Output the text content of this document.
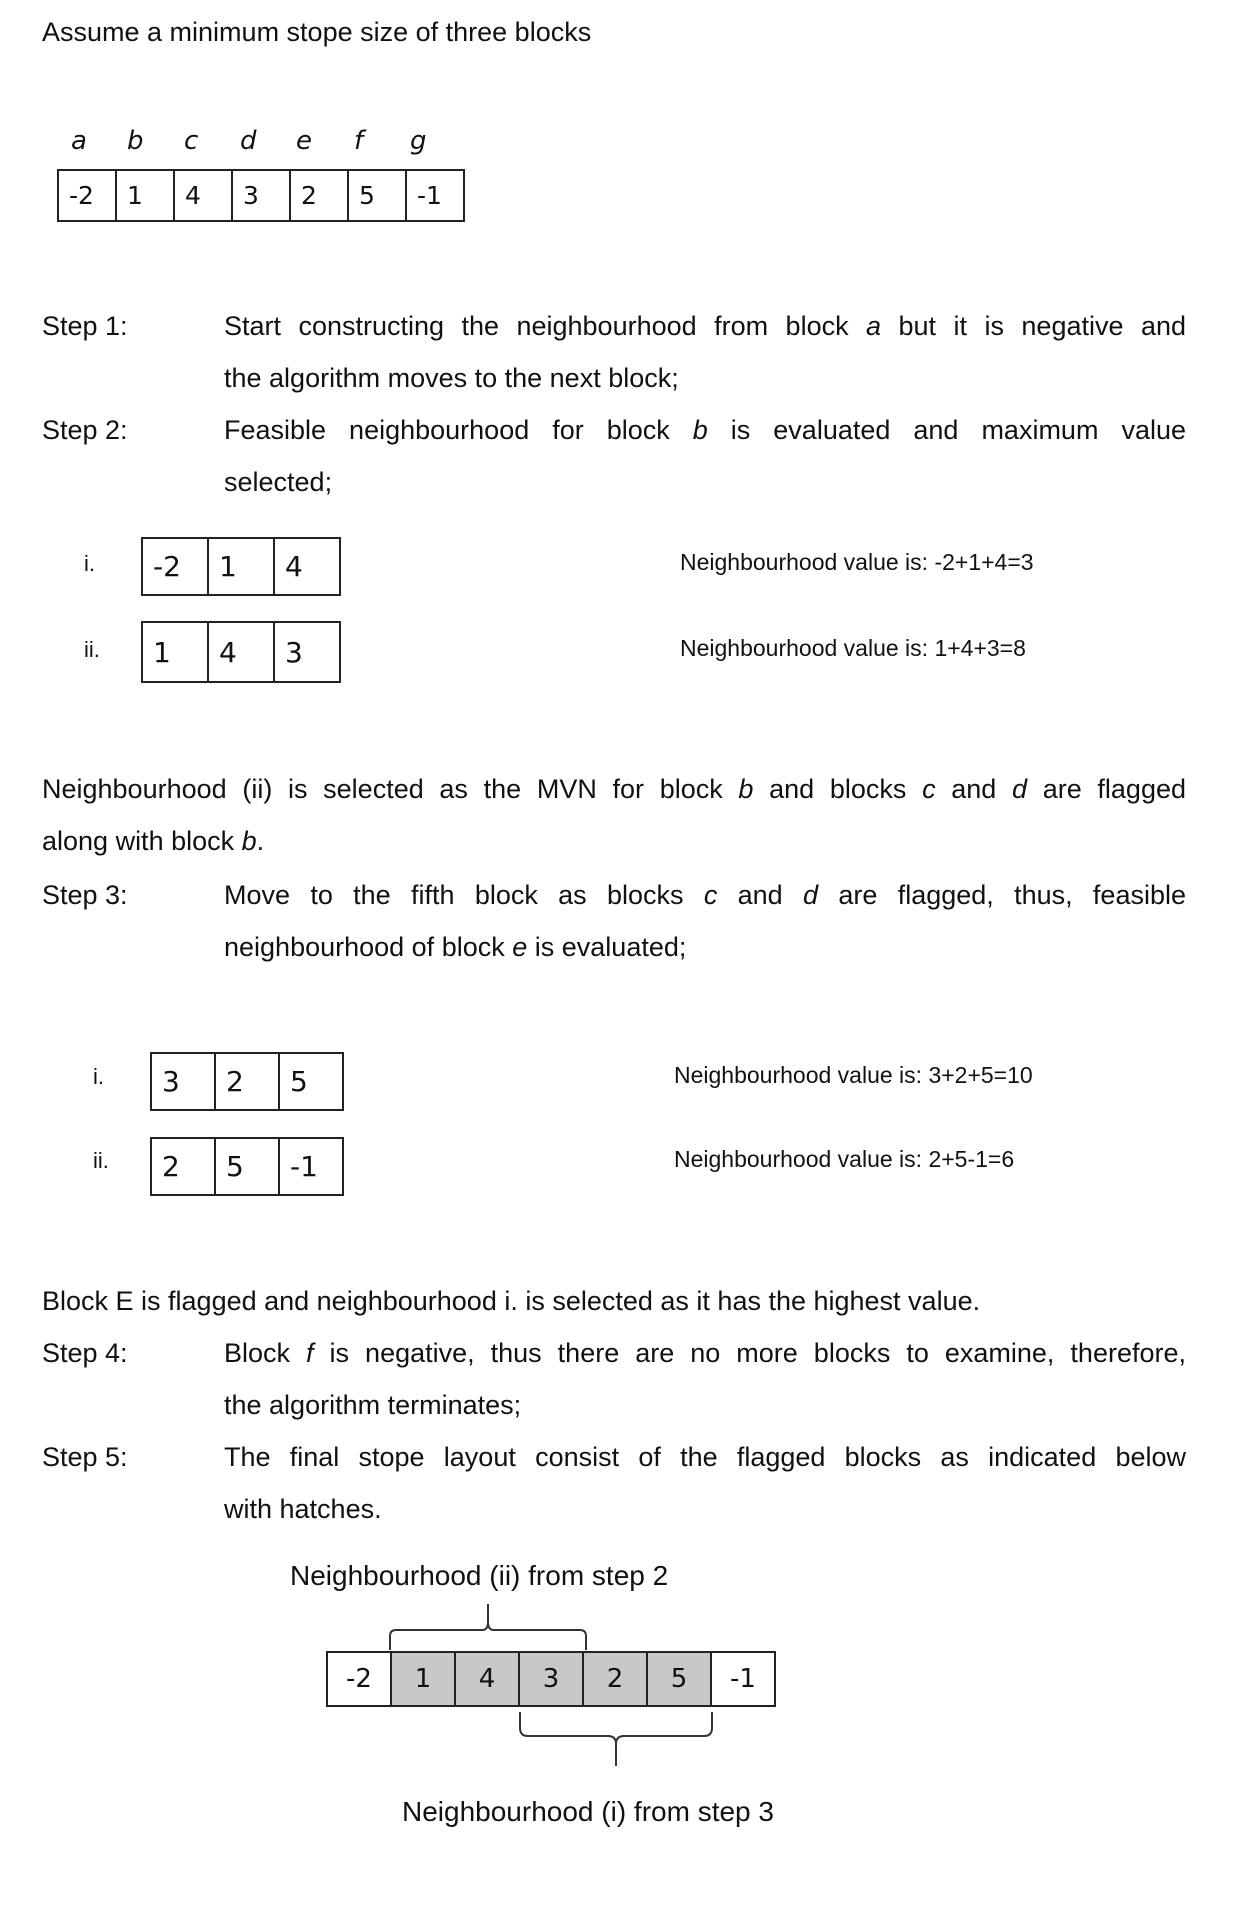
Assume a minimum stope size of three blocks
a b c d e f g
-2	1	4	3	2	5	-1
Step 1:	Start constructing the neighbourhood from block a but it is negative and
the algorithm moves to the next block;
Step 2:	Feasible neighbourhood for block b is evaluated and maximum value
selected;
i. -2	1	4	Neighbourhood value is: -2+1+4=3
ii. 1	4	3	Neighbourhood value is: 1+4+3=8
Neighbourhood (ii) is selected as the MVN for block b and blocks c and d are flagged
along with block b.
Step 3:	Move to the fifth block as blocks c and d are flagged, thus, feasible
neighbourhood of block e is evaluated;
i. 3	2	5	Neighbourhood value is: 3+2+5=10
ii. 2	5	-1	Neighbourhood value is: 2+5-1=6
Block E is flagged and neighbourhood i. is selected as it has the highest value.
Step 4:	Block f is negative, thus there are no more blocks to examine, therefore,
the algorithm terminates;
Step 5:	The final stope layout consist of the flagged blocks as indicated below
with hatches.
Neighbourhood (ii) from step 2
-2	1	4	3	2	5	-1
Neighbourhood (i) from step 3
